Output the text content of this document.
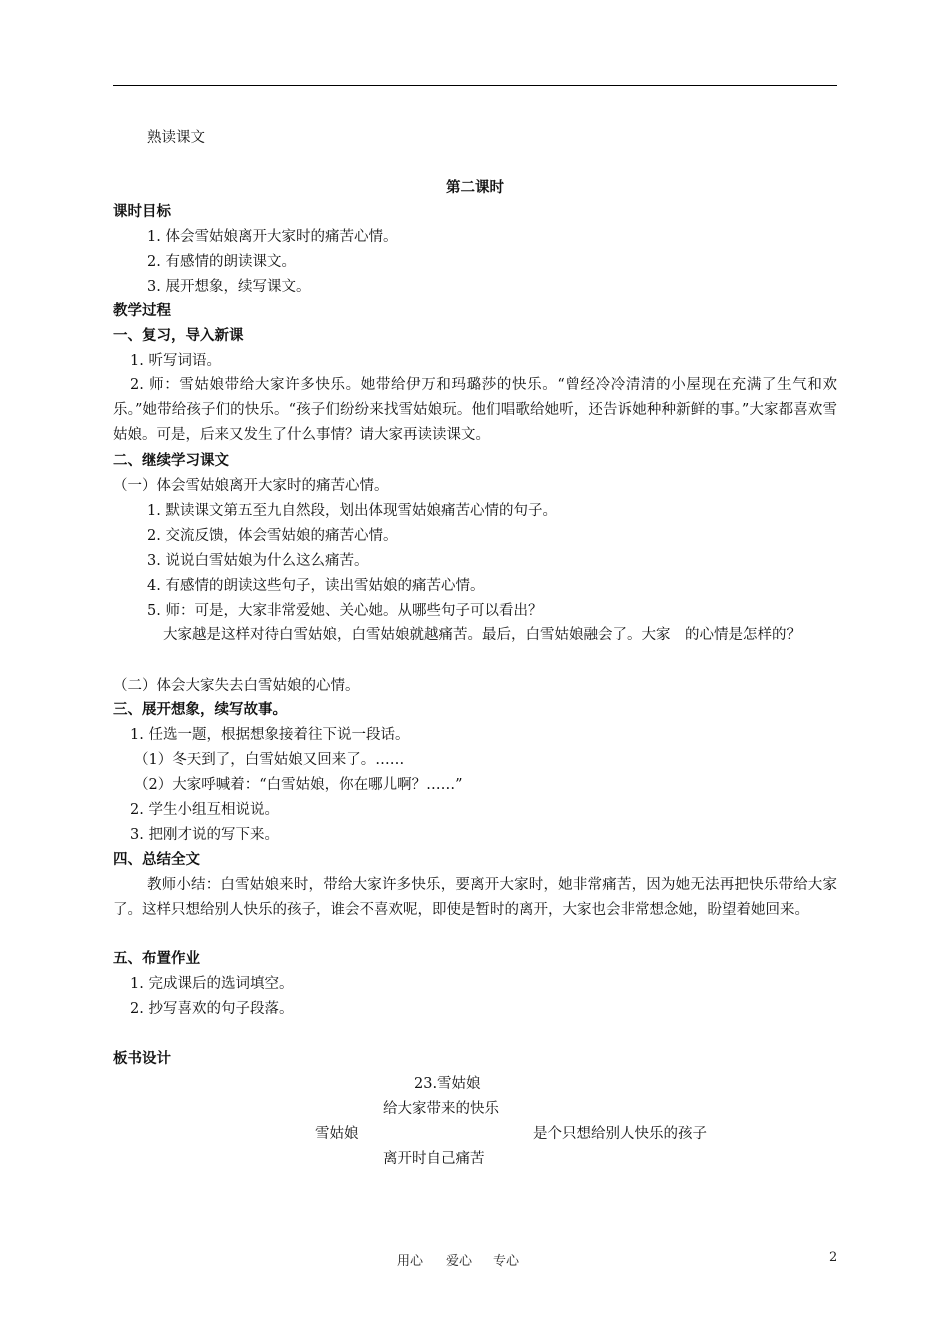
熟读课文
第二课时
课时目标
1. 体会雪姑娘离开大家时的痛苦心情。
2. 有感情的朗读课文。
3. 展开想象，续写课文。
教学过程
一、复习，导入新课
1. 听写词语。
2. 师：雪姑娘带给大家许多快乐。她带给伊万和玛璐莎的快乐。“曾经冷冷清清的小屋现在充满了生气和欢乐。”她带给孩子们的快乐。“孩子们纷纷来找雪姑娘玩。他们唱歌给她听，还告诉她种种新鲜的事。”大家都喜欢雪姑娘。可是，后来又发生了什么事情？请大家再读读课文。
二、继续学习课文
（一）体会雪姑娘离开大家时的痛苦心情。
1. 默读课文第五至九自然段，划出体现雪姑娘痛苦心情的句子。
2. 交流反馈，体会雪姑娘的痛苦心情。
3. 说说白雪姑娘为什么这么痛苦。
4. 有感情的朗读这些句子，读出雪姑娘的痛苦心情。
5. 师：可是，大家非常爱她、关心她。从哪些句子可以看出？
大家越是这样对待白雪姑娘，白雪姑娘就越痛苦。最后，白雪姑娘融会了。大家　的心情是怎样的？
（二）体会大家失去白雪姑娘的心情。
三、展开想象，续写故事。
1. 任选一题，根据想象接着往下说一段话。
（1）冬天到了，白雪姑娘又回来了。……
（2）大家呼喊着：“白雪姑娘，你在哪儿啊？……”
2. 学生小组互相说说。
3. 把刚才说的写下来。
四、总结全文
教师小结：白雪姑娘来时，带给大家许多快乐，要离开大家时，她非常痛苦，因为她无法再把快乐带给大家了。这样只想给别人快乐的孩子，谁会不喜欢呢，即使是暂时的离开，大家也会非常想念她，盼望着她回来。
五、布置作业
1. 完成课后的选词填空。
2. 抄写喜欢的句子段落。
板书设计
23.雪姑娘
给大家带来的快乐
雪姑娘	是个只想给别人快乐的孩子
离开时自己痛苦
用心 爱心 专心	2
